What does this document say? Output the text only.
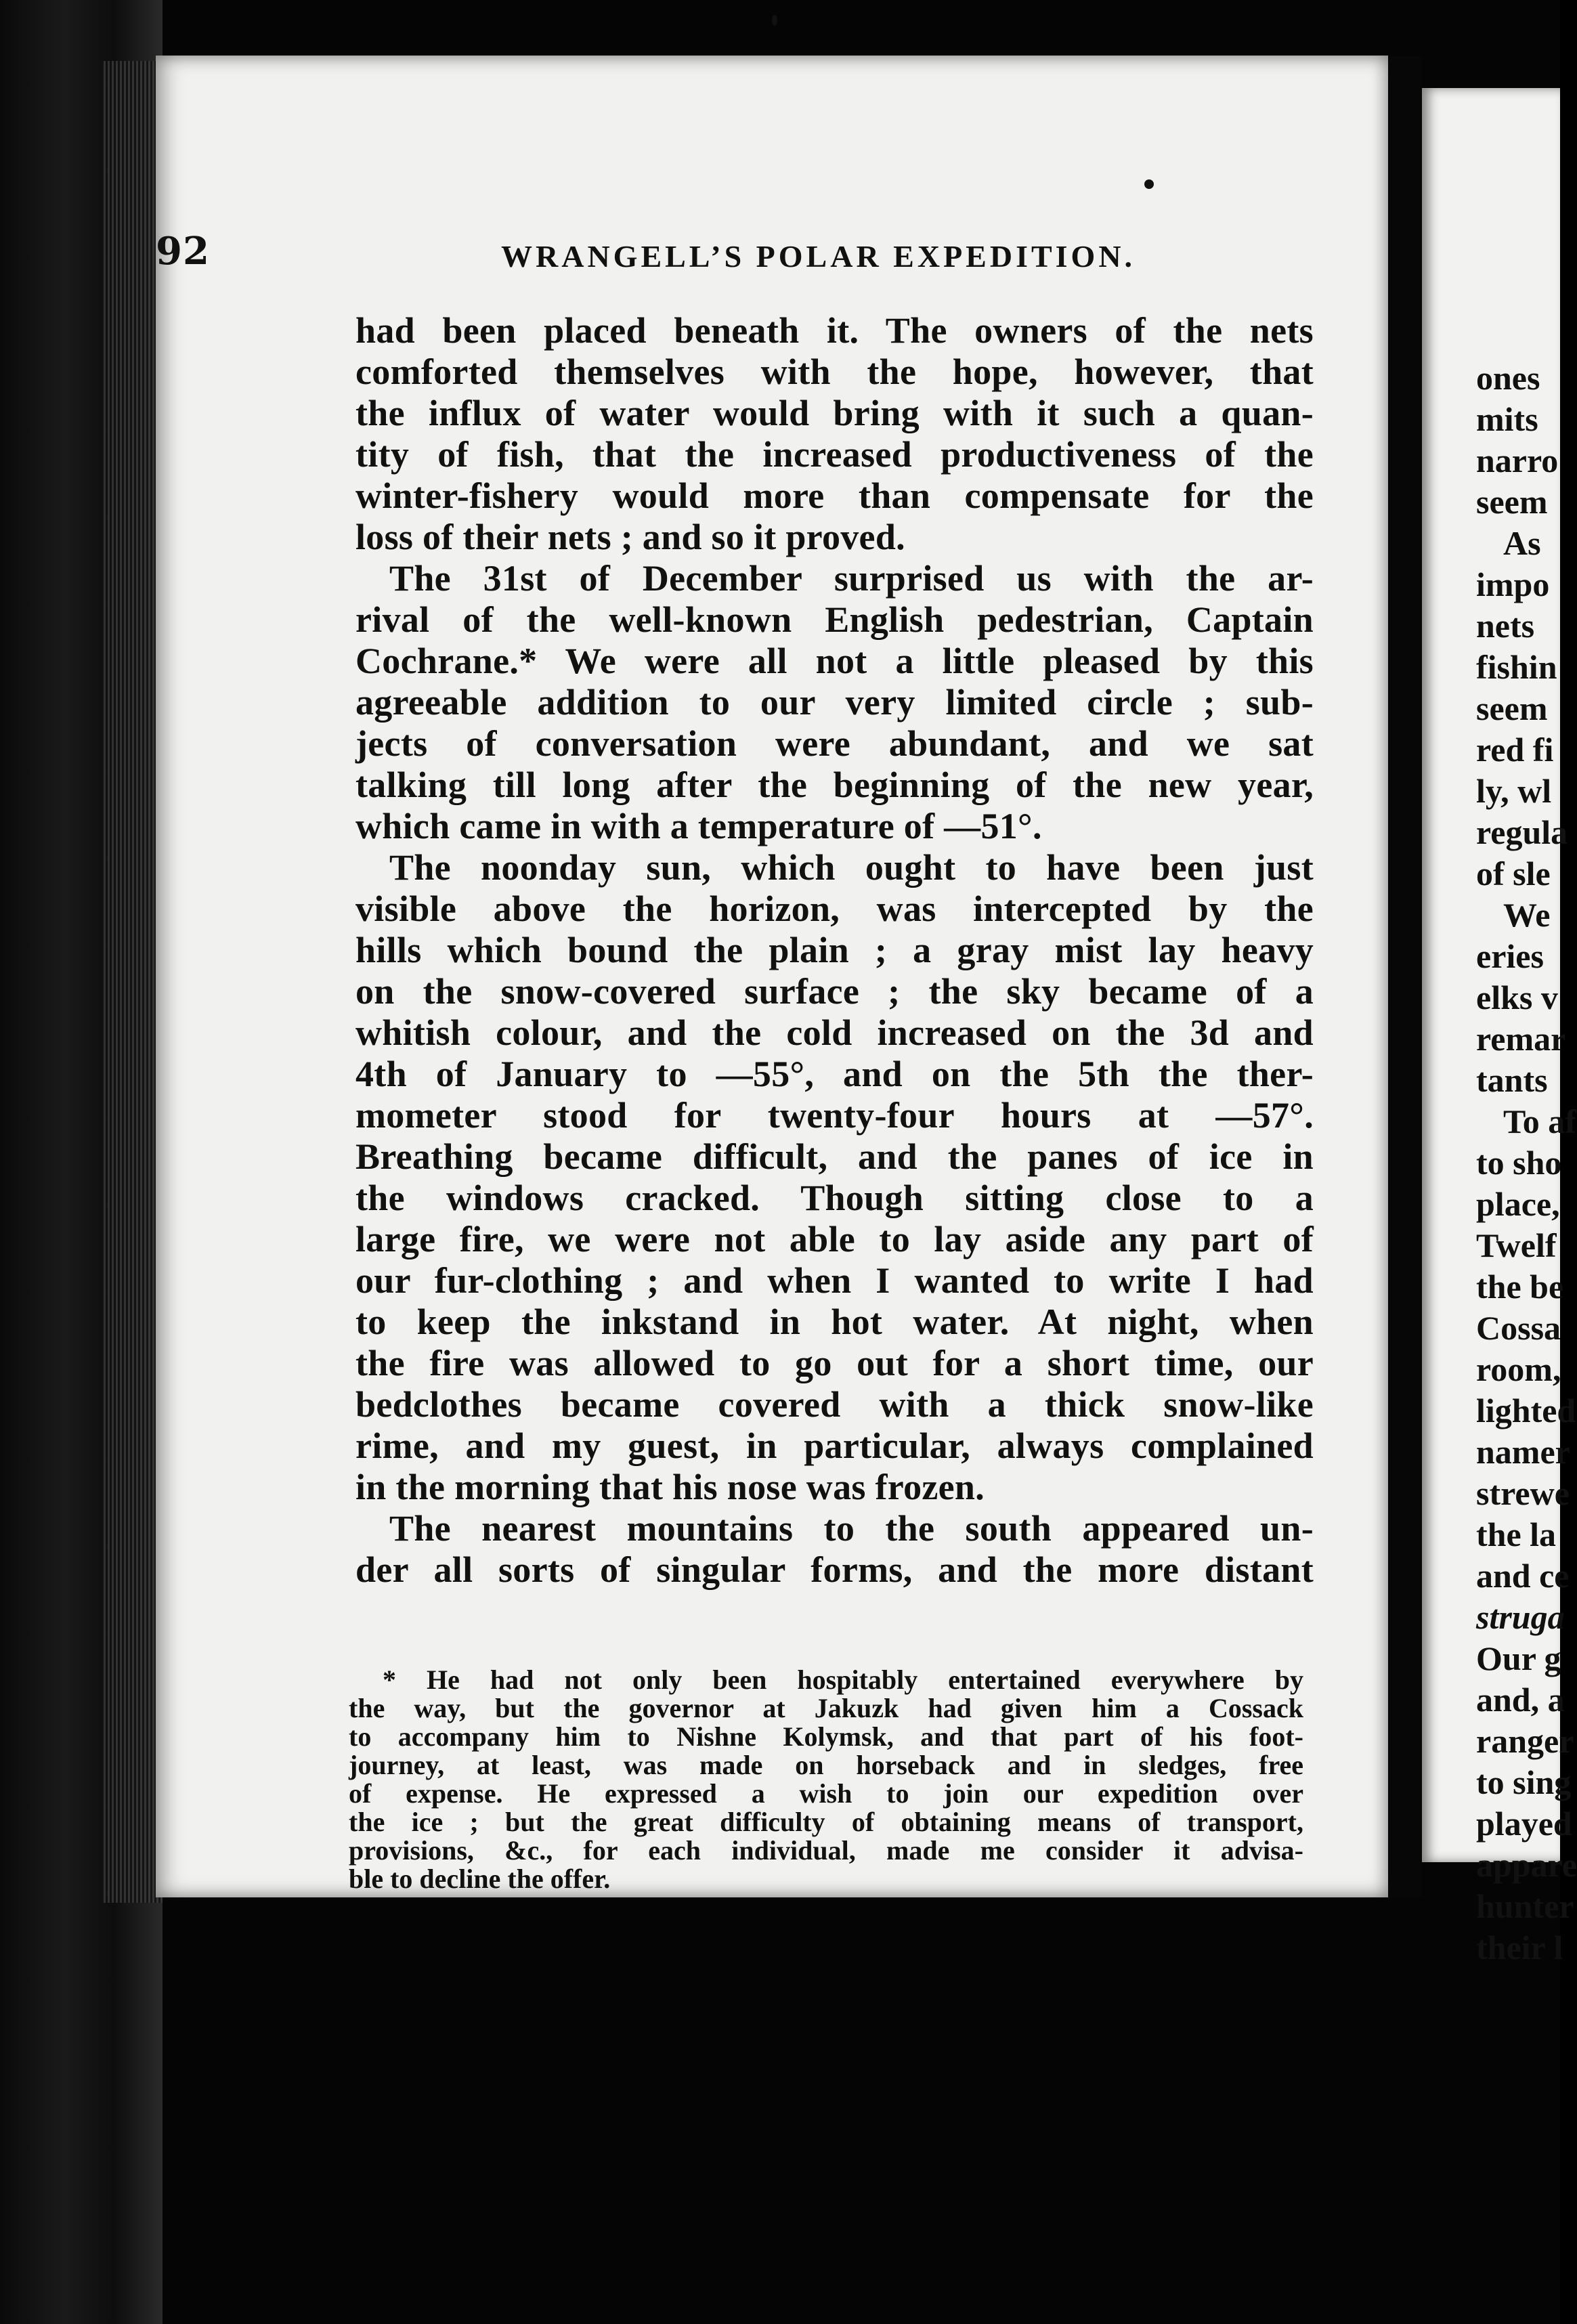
92	WRANGELL’S POLAR EXPEDITION.
had been placed beneath it. The owners of the nets
comforted themselves with the hope, however, that
the influx of water would bring with it such a quan-
tity of fish, that the increased productiveness of the
winter-fishery would more than compensate for the
loss of their nets ; and so it proved.
The 31st of December surprised us with the ar-
rival of the well-known English pedestrian, Captain
Cochrane.* We were all not a little pleased by this
agreeable addition to our very limited circle ; sub-
jects of conversation were abundant, and we sat
talking till long after the beginning of the new year,
which came in with a temperature of —51°.
The noonday sun, which ought to have been just
visible above the horizon, was intercepted by the
hills which bound the plain ; a gray mist lay heavy
on the snow-covered surface ; the sky became of a
whitish colour, and the cold increased on the 3d and
4th of January to —55°, and on the 5th the ther-
mometer stood for twenty-four hours at —57°.
Breathing became difficult, and the panes of ice in
the windows cracked. Though sitting close to a
large fire, we were not able to lay aside any part of
our fur-clothing ; and when I wanted to write I had
to keep the inkstand in hot water. At night, when
the fire was allowed to go out for a short time, our
bedclothes became covered with a thick snow-like
rime, and my guest, in particular, always complained
in the morning that his nose was frozen.
The nearest mountains to the south appeared un-
der all sorts of singular forms, and the more distant
* He had not only been hospitably entertained everywhere by
the way, but the governor at Jakuzk had given him a Cossack
to accompany him to Nishne Kolymsk, and that part of his foot-
journey, at least, was made on horseback and in sledges, free
of expense. He expressed a wish to join our expedition over
the ice ; but the great difficulty of obtaining means of transport,
provisions, &c., for each individual, made me consider it advisa-
ble to decline the offer.
ones
mits
narro
seem
As
impo
nets
fishin
seem
red fi
ly, wl
regula
of sle
We
eries
elks v
remar
tants
To af
to sho
place,
Twelf
the be
Cossa
room,
lighted
namer
strewe
the la
and ce
struga
Our g
and, a
ranger
to sing
played
appare
hunter
their l
